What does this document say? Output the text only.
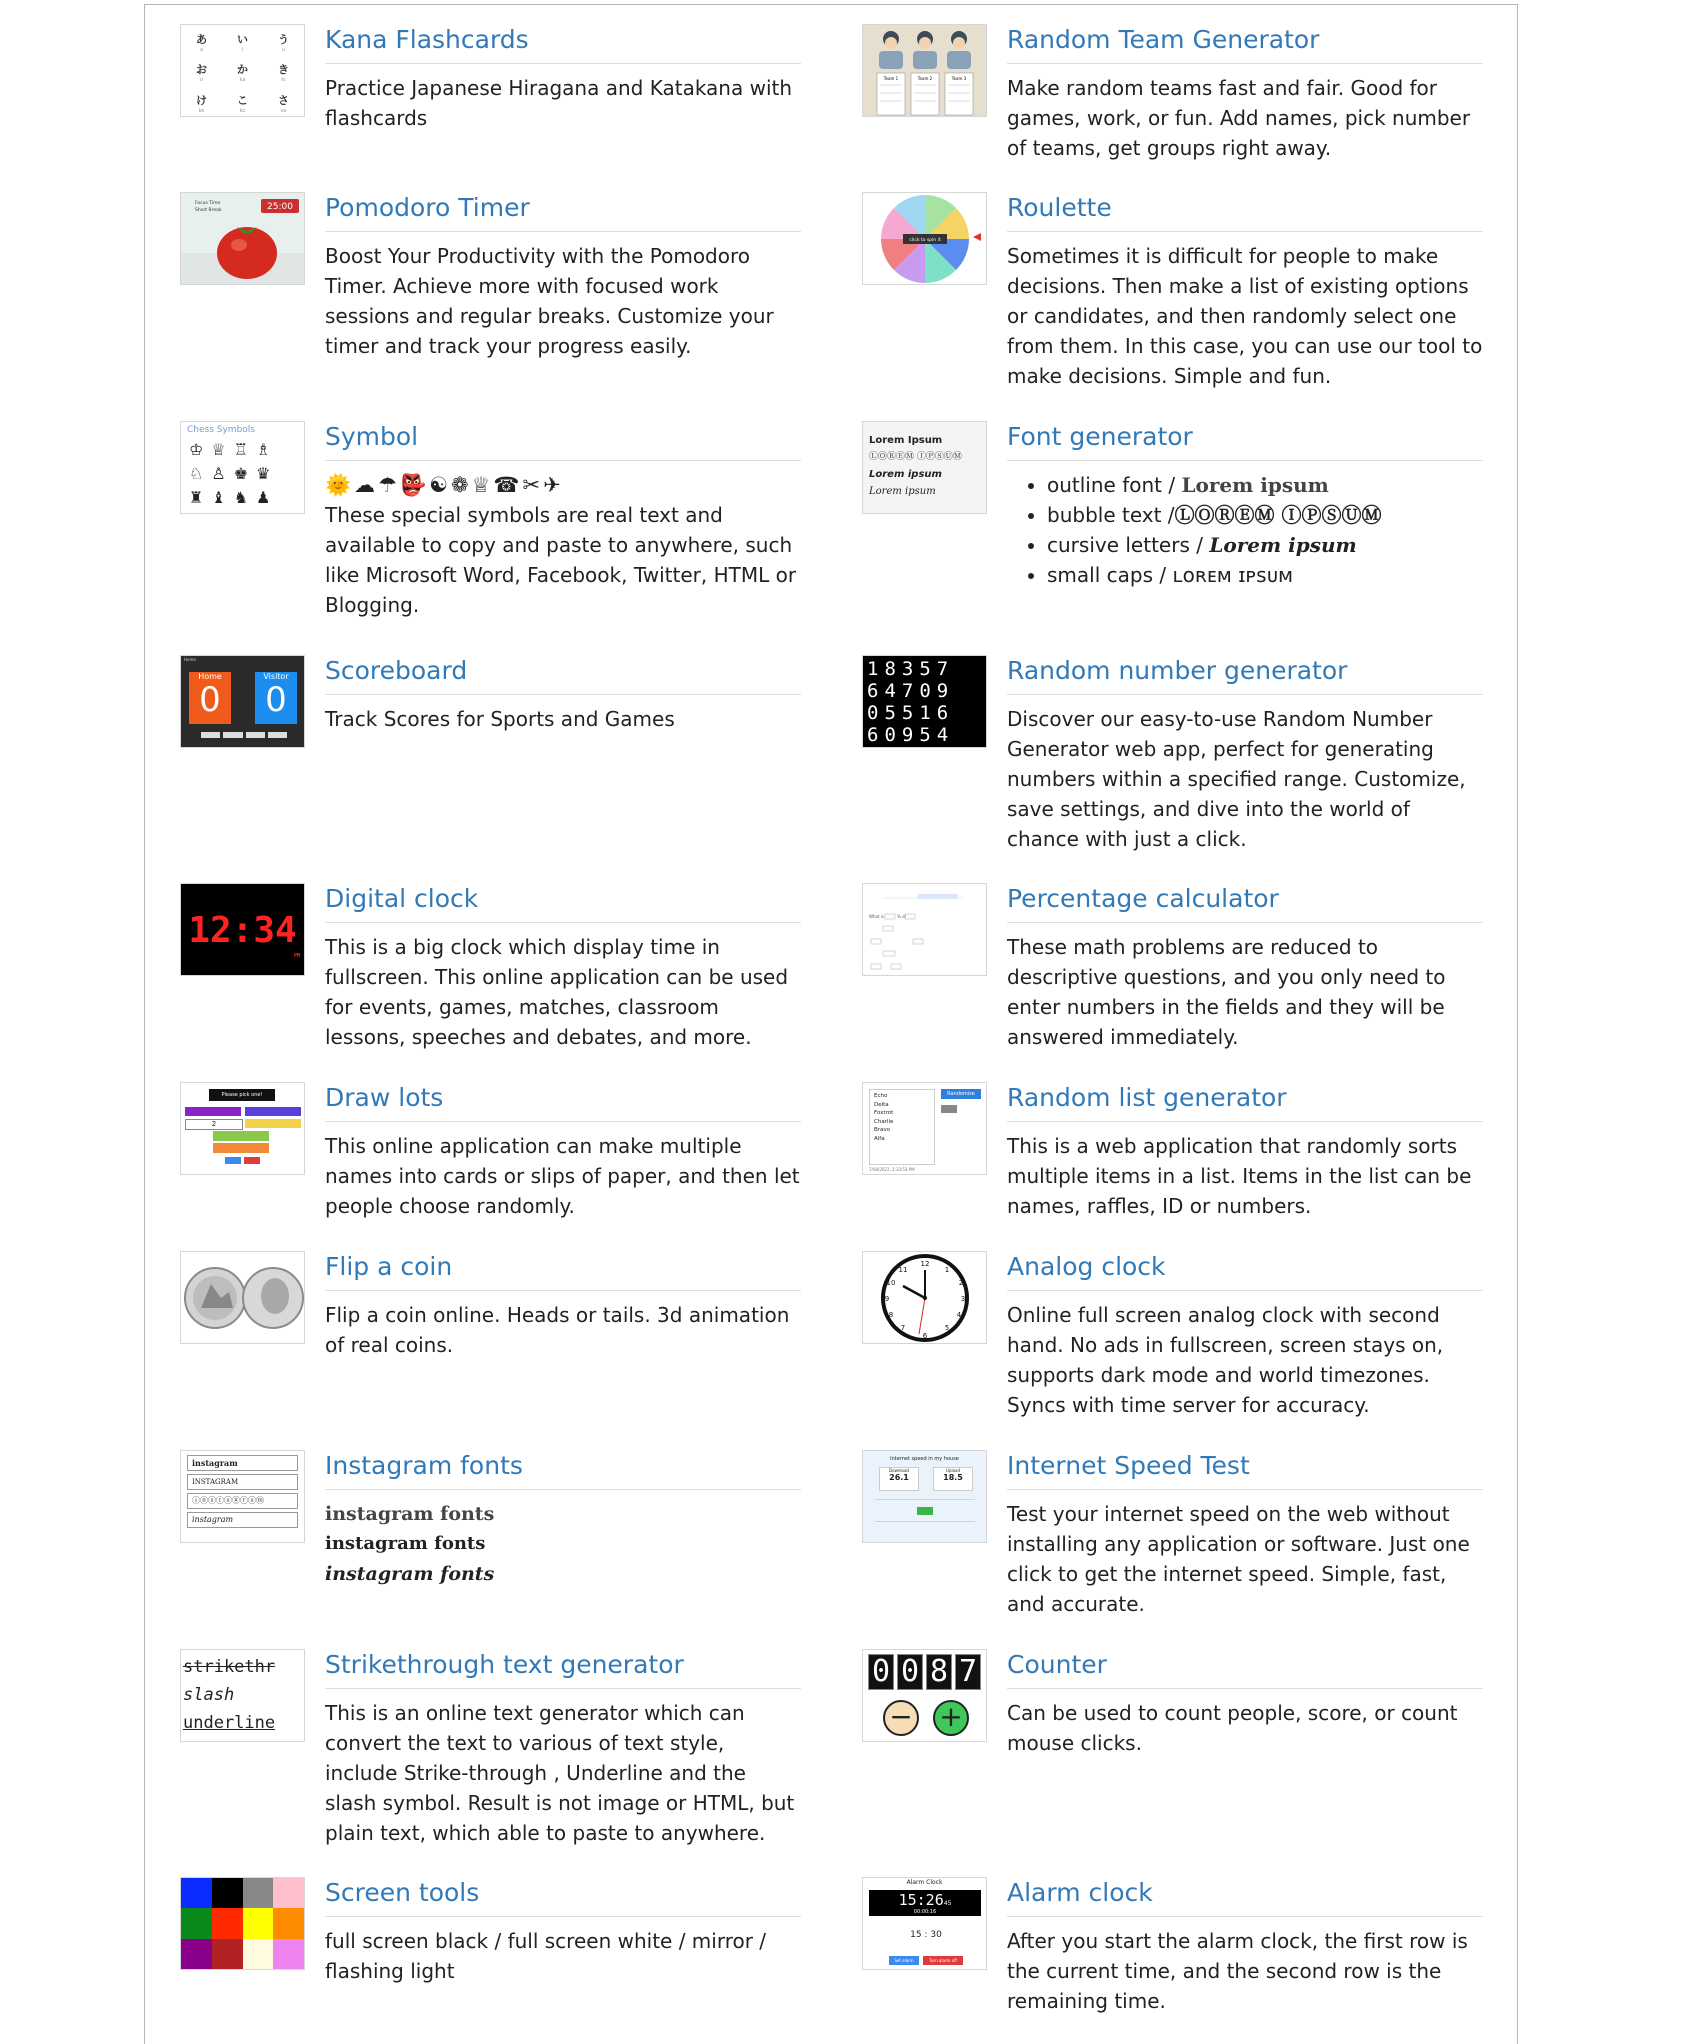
あ
a
い
i
う
u
お
o
か
ka
き
ki
け
ke
こ
ko
さ
sa
Kana Flashcards

Practice Japanese Hiragana and Katakana with flashcards

Team 1	Team 2	Team 3
Random Team Generator

Make random teams fast and fair. Good for games, work, or fun. Add names, pick number of teams, get groups right away.

25:00
Focus Time
Short Break	Pomodoro Timer

Boost Your Productivity with the Pomodoro Timer. Achieve more with focused work sessions and regular breaks. Customize your timer and track your progress easily.

click to spin it
Roulette

Sometimes it is difficult for people to make decisions. Then make a list of existing options or candidates, and then randomly select one from them. In this case, you can use our tool to make decisions. Simple and fun.

Chess Symbols
♔♕♖♗♘♙♚♛♜♝♞♟
Symbol
🌞☁☂👺☯❁♕☎✂✈

These special symbols are real text and available to copy and paste to anywhere, such like Microsoft Word, Facebook, Twitter, HTML or Blogging.

Lorem Ipsum
ⓁⓄⓇⒺⓂ ⒾⓅⓈⓊⓂ
Lorem ipsum
Lorem ipsum
Font generator
• outline font / Lorem ipsum
• bubble text /ⓁⓄⓇⒺⓂ ⒾⓅⓈⓊⓂ
• cursive letters / Lorem ipsum
• small caps / ʟᴏʀᴇᴍ ɪᴘsᴜᴍ
Home
Home
0
Visitor
0
Scoreboard

Track Scores for Sports and Games

18357
64709
05516
60954
Random number generator

Discover our easy-to-use Random Number Generator web app, perfect for generating numbers within a specified range. Customize, save settings, and dive into the world of chance with just a click.

12:34
PM
Digital clock

This is a big clock which display time in fullscreen. This online application can be used for events, games, matches, classroom lessons, speeches and debates, and more.

What is	% of
Percentage calculator

These math problems are reduced to descriptive questions, and you only need to enter numbers in the fields and they will be answered immediately.

Please pick one!
2
Draw lots

This online application can make multiple names into cards or slips of paper, and then let people choose randomly.

Echo
Delta
Foxtrot
Charlie
Bravo
Alfa
Randomize
7/08/2022, 2:33:53 PM
Random list generator

This is a web application that randomly sorts multiple items in a list. Items in the list can be names, raffles, ID or numbers.

Flip a coin

Flip a coin online. Heads or tails. 3d animation of real coins.

12
1
2
3
4
5
6
7
8
9
10
11	Analog clock

Online full screen analog clock with second hand. No ads in fullscreen, screen stays on, supports dark mode and world timezones. Syncs with time server for accuracy.

instagram
INSTAGRAM
ⓘⓝⓢⓣⓐⓖⓡⓐⓜ
instagram
Instagram fonts
instagram fonts
instagram fonts
instagram fonts
Internet speed in my house
Download
26.1
Upload
18.5	Internet Speed Test

Test your internet speed on the web without installing any application or software. Just one click to get the internet speed. Simple, fast, and accurate.

strikethr
slash
underline
Strikethrough text generator

This is an online text generator which can convert the text to various of text style, include Strike-through , Underline and the slash symbol. Result is not image or HTML, but plain text, which able to paste to anywhere.

0 0 8 7
− +
Counter

Can be used to count people, score, or count mouse clicks.

Screen tools

full screen black / full screen white / mirror / flashing light

Alarm Clock
15:2645
00:00:16
15 : 30
Set alarm	Turn alarm off
Alarm clock

After you start the alarm clock, the first row is the current time, and the second row is the remaining time.
